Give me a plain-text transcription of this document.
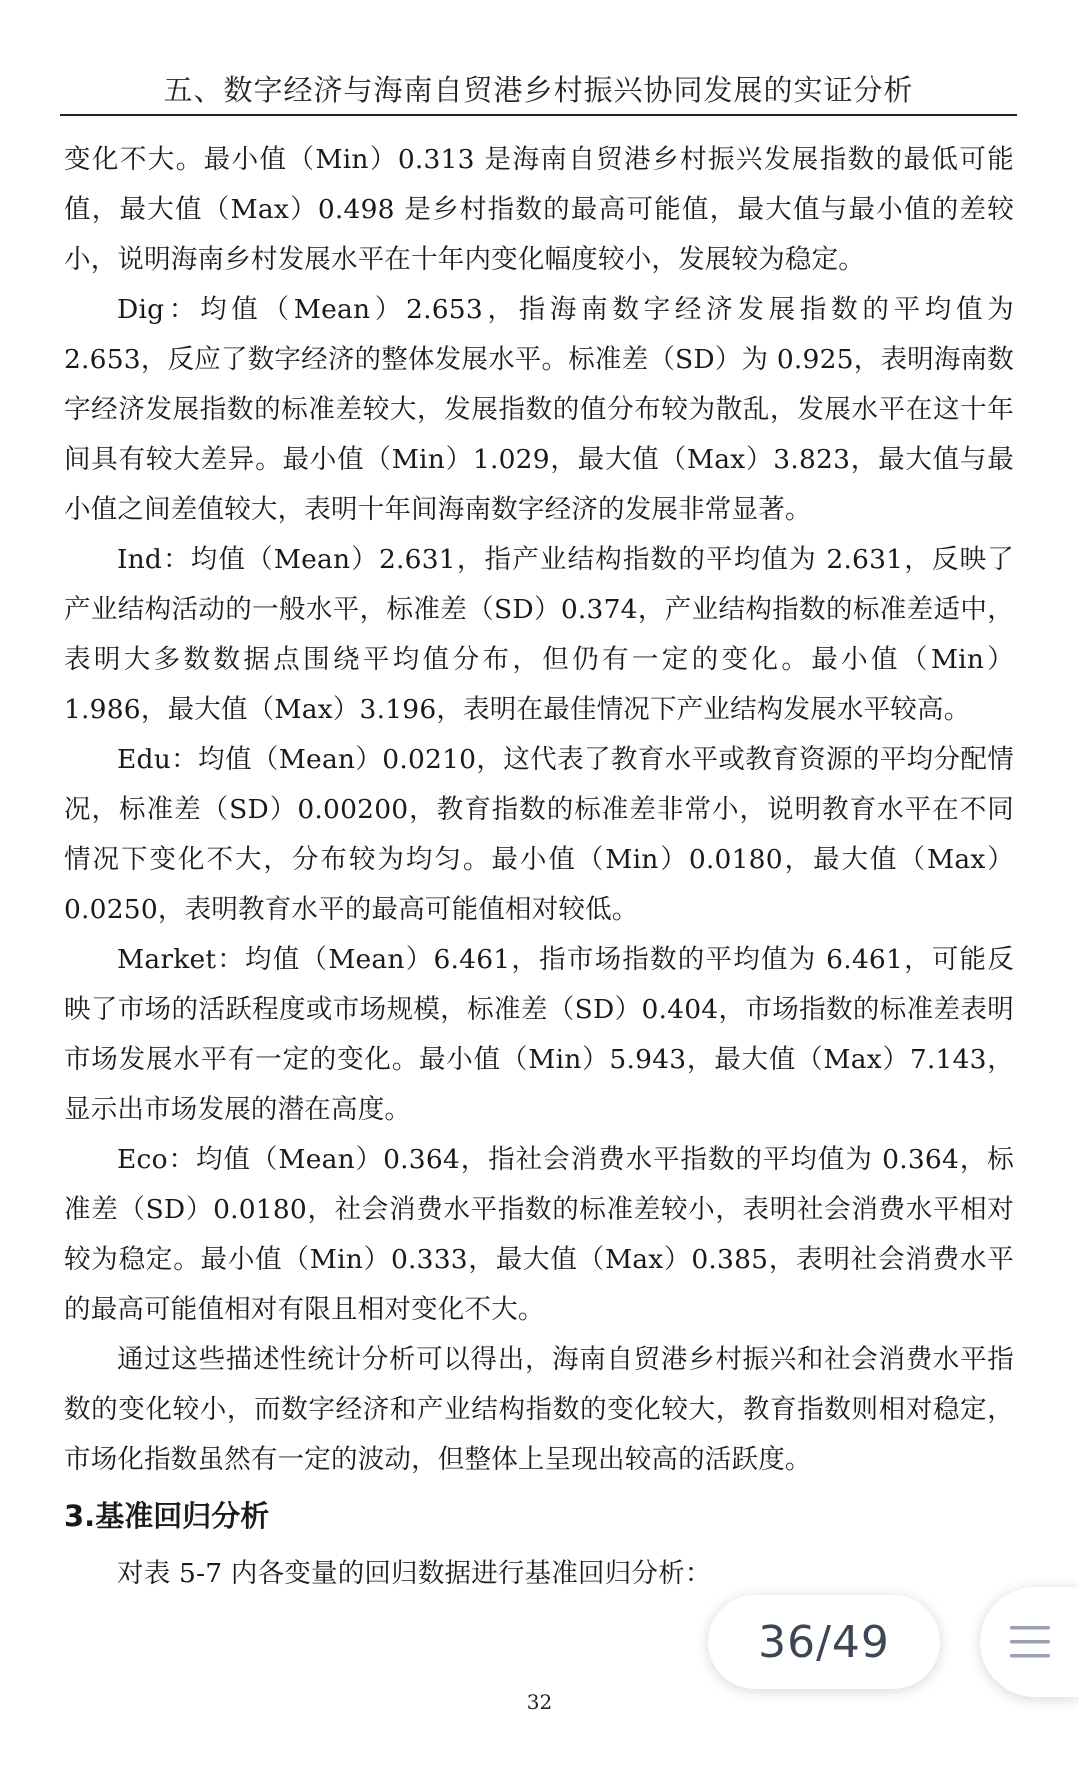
五、数字经济与海南自贸港乡村振兴协同发展的实证分析

变化不大。最小值（Min）0.313 是海南自贸港乡村振兴发展指数的最低可能值，最大值（Max）0.498 是乡村指数的最高可能值，最大值与最小值的差较小，说明海南乡村发展水平在十年内变化幅度较小，发展较为稳定。

Dig：均值（Mean）2.653，指海南数字经济发展指数的平均值为 2.653，反应了数字经济的整体发展水平。标准差（SD）为 0.925，表明海南数字经济发展指数的标准差较大，发展指数的值分布较为散乱，发展水平在这十年间具有较大差异。最小值（Min）1.029，最大值（Max）3.823，最大值与最小值之间差值较大，表明十年间海南数字经济的发展非常显著。

Ind：均值（Mean）2.631，指产业结构指数的平均值为 2.631，反映了产业结构活动的一般水平，标准差（SD）0.374，产业结构指数的标准差适中，表明大多数数据点围绕平均值分布，但仍有一定的变化。最小值（Min）1.986，最大值（Max）3.196，表明在最佳情况下产业结构发展水平较高。

Edu：均值（Mean）0.0210，这代表了教育水平或教育资源的平均分配情况，标准差（SD）0.00200，教育指数的标准差非常小，说明教育水平在不同情况下变化不大，分布较为均匀。最小值（Min）0.0180，最大值（Max）0.0250，表明教育水平的最高可能值相对较低。

Market：均值（Mean）6.461，指市场指数的平均值为 6.461，可能反映了市场的活跃程度或市场规模，标准差（SD）0.404，市场指数的标准差表明市场发展水平有一定的变化。最小值（Min）5.943，最大值（Max）7.143，显示出市场发展的潜在高度。

Eco：均值（Mean）0.364，指社会消费水平指数的平均值为 0.364，标准差（SD）0.0180，社会消费水平指数的标准差较小，表明社会消费水平相对较为稳定。最小值（Min）0.333，最大值（Max）0.385，表明社会消费水平的最高可能值相对有限且相对变化不大。

通过这些描述性统计分析可以得出，海南自贸港乡村振兴和社会消费水平指数的变化较小，而数字经济和产业结构指数的变化较大，教育指数则相对稳定，市场化指数虽然有一定的波动，但整体上呈现出较高的活跃度。

3.基准回归分析

对表 5-7 内各变量的回归数据进行基准回归分析：

32
36/49
